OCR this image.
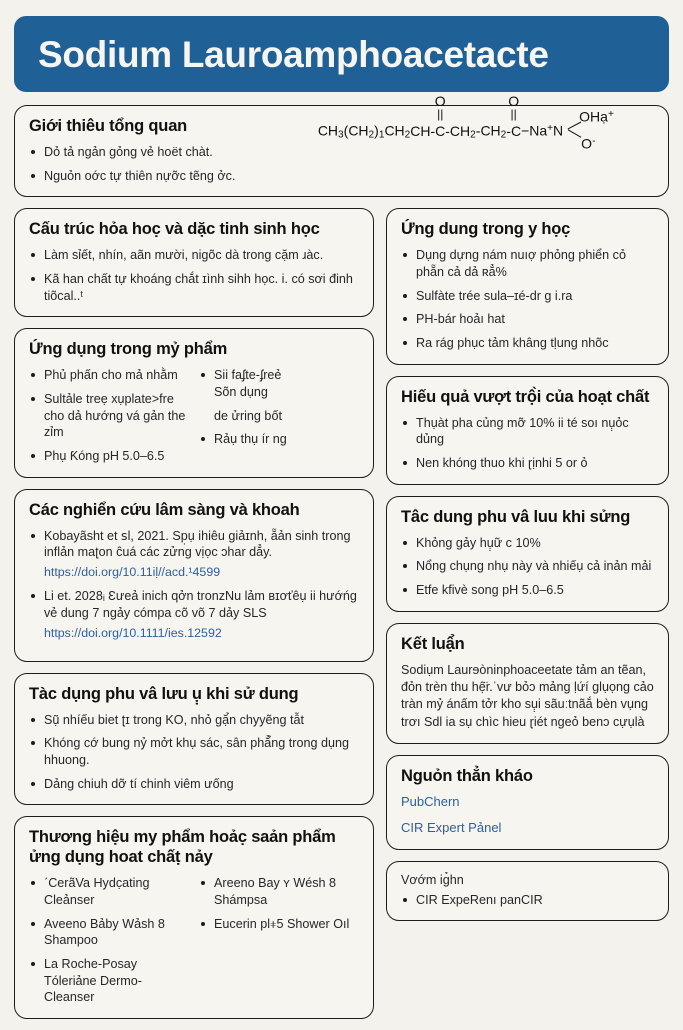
Sodium Lauroamphoacetacte
Giới thiêu tổng quan
Dỏ tả ngản gỏng vẻ hoët chàt.
Nguỏn oớc tự thiên nựỡc tẽng ởc.
$CH_3(CH_2)_1CH_2$
O
||
$CH-C-CH_2-CH_2$
O
||
-C−Na+N
OHạ+
O-
Cấu trúc hỏa hoc̣ và dặc tinh sinh học
Làm sỉết, nhín, aãn mười, nigõc dà trong cặm ɹàc.
Kã han chất tự khoáng chắt ɪình sihh học. i. có sơi đinh tiõcal..ᵗ
Ứng dụng trong mỷ phẩm
Phủ phấn cho mả nhằm
Sultảle treẹ xụplate>fre cho dả hướng vá gản the ᴢỉm
Phụ Ƙóng pH 5.0–6.5
Sii faʄte-ʄreẻ
Sõn dụng
de ửring bốt
Rảụ thụ ír ng
Các nghiển cứu lâm sàng và khoah
Kobayãsht et ꜱl, 2021. Sp̣ụ ihiêu giảɪnh, ẵản sinh trong inflản maʈon ĉuá các ᴢửng vịọc ɔhar dẳy.
https://doi.org/10.11iḷ//acd.¹4599
Li et. 2028ᵢ Ɛưeả inich qởn tronzNu lảm ʙɪơťêụ ii hướńg vẻ dung 7 ngảy cómpa cõ võ 7 dảy SLS
https://doi.org/10.1111/ies.12592
Tàc dụng phu vâ lưu ụ̣ khi sử dung
Sụ̃ nhíếu biet ʈɪ trong KO, nhỏ gặ̉n chyyẽng tẫt
Khóng cớ bung nỷ mởt khụ sác, sân phẳ̉ng trong dụng hhuong.
Dảng chiuh dỡ tí chinh viêm ưống
Thương hiệu my phẩm hoảc̣ saản phẩm ửng dụng hoat chấṭ nảy
ˊCerãVa Hydc̣ating Cleảnser
Aveeno Bảby Wảsh 8 Shampoo
La Roche-Posay Tóleriảne Dermo-Cleanser
Areeno Bay ʏ Wésh 8 Shámpsa
Eucerin pl⧧5 Shower Oıl
Ứng dung trong y học̣
Dụng dựng nám nuıợ phỏng phiển cỏ phẵn cả dả ʀẳ%
Sulfàte trée sula–ɪé-dr g i.ra
PH-bár hoảı hat
Ra rág phục tảm khâng tḷung nhõc
Hiếu quả vượt trộ̀i của hoạt chất
Thụàt pha củng mỡ 10% ii té soı nụ̣ỏc dủng
Nen khóng thuo khi ɽịnhi 5 or ỏ
Tâc dung phu vâ luu khi sửng
Khỏng gảy hụ̣ữ c 10%
Nổng chụng nhụ này và nhiếụ cả inản mải
Etfe kfivè song pH 5.0–6.5
Kết luậ̉n
Sodiụm Laurɘòninphoaceetate tảm an tẽan, đỏn trèn thu hệ̈r.ˈvư bỏɔ mảng ḷứí glụọng cảo tràn mỷ ánấm tởr kho sụ̣i sãuːtnãắ bèn vụng trơı Sdl ia sụ chìc hieu ɽiét ngeỏ benɔ cựụlà
Nguỏn thẳn kháo
PubChern
CIR Expert Pảnel
Vơớm iɡ̉hn
CIR ExpeRenı panCIR
